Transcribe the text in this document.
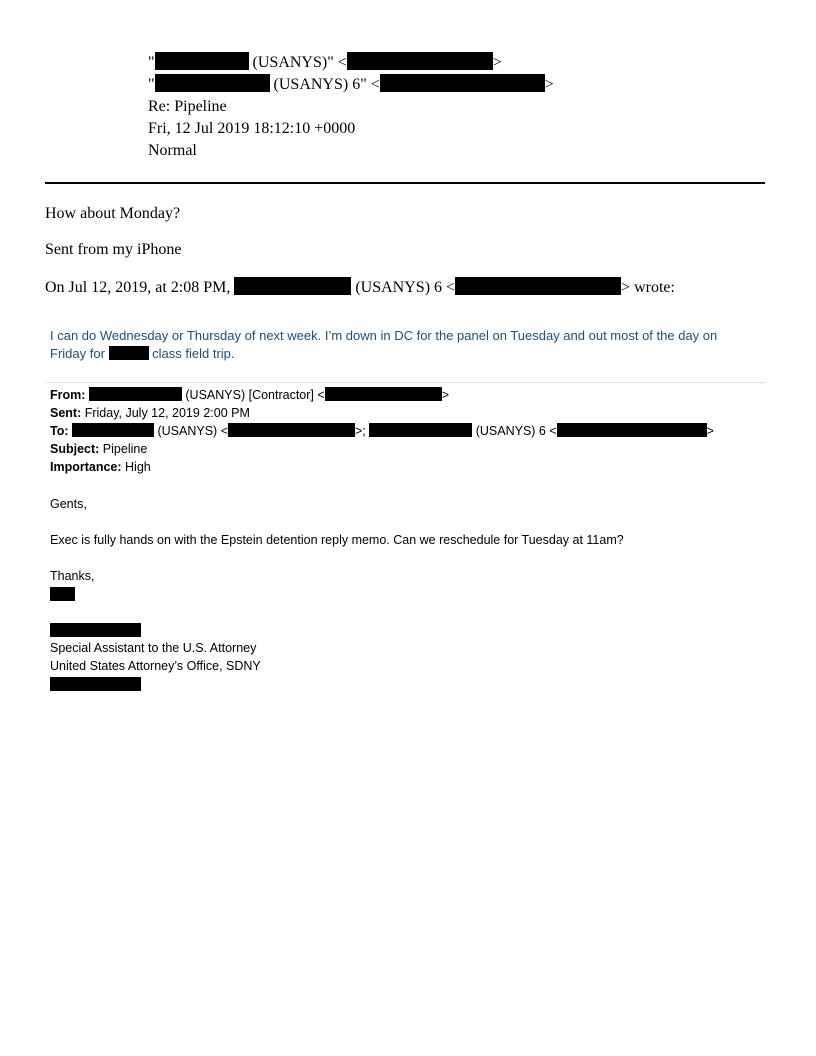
"	(USANYS)" <	>
"	(USANYS) 6" <	>
Re: Pipeline
Fri, 12 Jul 2019 18:12:10 +0000
Normal
How about Monday?
Sent from my iPhone
On Jul 12, 2019, at 2:08 PM,	(USANYS) 6 <	> wrote:
I can do Wednesday or Thursday of next week. I’m down in DC for the panel on Tuesday and out most of the day on
Friday for	class field trip.
From:	(USANYS) [Contractor] <	>
Sent: Friday, July 12, 2019 2:00 PM
To:	(USANYS) <	>;	(USANYS) 6 <	>
Subject: Pipeline
Importance: High
Gents,
Exec is fully hands on with the Epstein detention reply memo. Can we reschedule for Tuesday at 11am?
Thanks,
Special Assistant to the U.S. Attorney
United States Attorney’s Office, SDNY
